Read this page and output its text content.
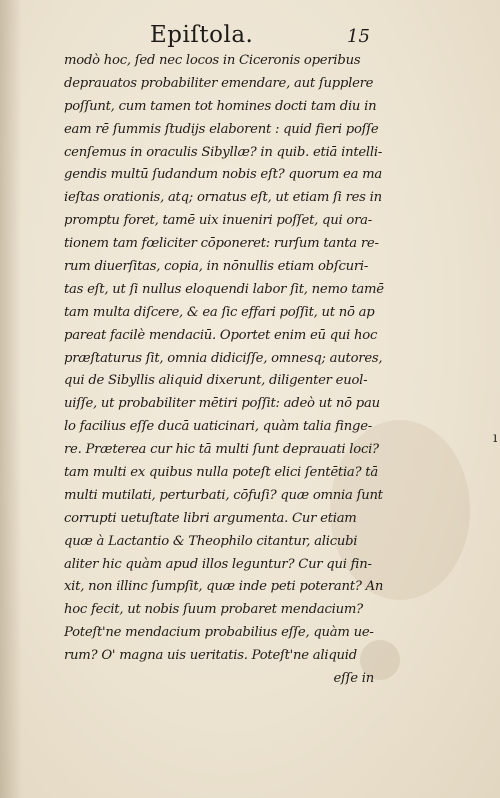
Epiſtola.	15
modò hoc, ſed nec locos in Ciceronis operibus
deprauatos probabiliter emendare, aut ſupplere
poſſunt, cum tamen tot homines docti tam diu in
eam rē ſummis ſtudijs elaborent : quid fieri poſſe
cenſemus in oraculis Sibyllæ? in quib. etiā intelli-
gendis multū ſudandum nobis eſt? quorum ea ma
ieſtas orationis, atq; ornatus eſt, ut etiam ſi res in
promptu foret, tamē uix inueniri poſſet, qui ora-
tionem tam fœliciter cōponeret: rurſum tanta re-
rum diuerſitas, copia, in nōnullis etiam obſcuri-
tas eſt, ut ſi nullus eloquendi labor ſit, nemo tamē
tam multa diſcere, & ea ſic effari poſſit, ut nō ap
pareat facilè mendaciū. Oportet enim eū qui hoc
præſtaturus ſit, omnia didiciſſe, omnesq; autores,
qui de Sibyllis aliquid dixerunt, diligenter euol-
uiſſe, ut probabiliter mētiri poſſit: adeò ut nō pau
lo facilius eſſe ducā uaticinari, quàm talia finge-
re. Præterea cur hic tā multi ſunt deprauati loci?
tam multi ex quibus nulla poteſt elici ſentētia? tā
multi mutilati, perturbati, cōfuſi? quæ omnia ſunt
corrupti uetuſtate libri argumenta. Cur etiam
quæ à Lactantio & Theophilo citantur, alicubi
aliter hic quàm apud illos leguntur? Cur qui fin-
xit, non illinc ſumpſit, quæ inde peti poterant? An
hoc fecit, ut nobis ſuum probaret mendacium?
Poteſt'ne mendacium probabilius eſſe, quàm ue-
rum? O' magna uis ueritatis. Poteſt'ne aliquid
eſſe in
ı
